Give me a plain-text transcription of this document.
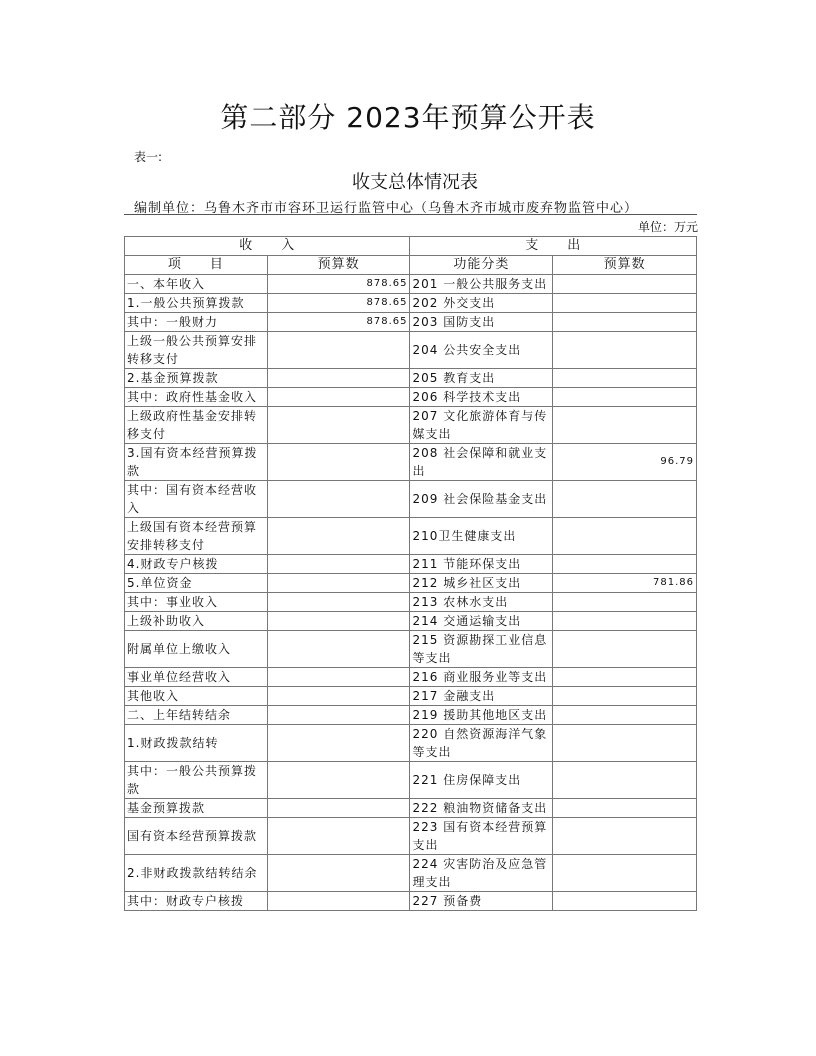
第二部分 2023年预算公开表
表一:
收支总体情况表
编制单位：乌鲁木齐市市容环卫运行监管中心（乌鲁木齐市城市废弃物监管中心）
单位：万元
收　　入		支　　出	
项　　目	预算数	功能分类	预算数
一、本年收入	878.65	201 一般公共服务支出	
1.一般公共预算拨款	878.65	202 外交支出	
其中：一般财力	878.65	203 国防支出	
上级一般公共预算安排转移支付		204 公共安全支出	
2.基金预算拨款		205 教育支出	
其中：政府性基金收入		206 科学技术支出	
上级政府性基金安排转移支付		207 文化旅游体育与传媒支出	
3.国有资本经营预算拨款		208 社会保障和就业支出	96.79
其中：国有资本经营收入		209 社会保险基金支出	
上级国有资本经营预算安排转移支付		210卫生健康支出	
4.财政专户核拨		211 节能环保支出	
5.单位资金		212 城乡社区支出	781.86
其中：事业收入		213 农林水支出	
上级补助收入		214 交通运输支出	
附属单位上缴收入		215 资源勘探工业信息等支出	
事业单位经营收入		216 商业服务业等支出	
其他收入		217 金融支出	
二、上年结转结余		219 援助其他地区支出	
1.财政拨款结转		220 自然资源海洋气象等支出	
其中：一般公共预算拨款		221 住房保障支出	
基金预算拨款		222 粮油物资储备支出	
国有资本经营预算拨款		223 国有资本经营预算支出	
2.非财政拨款结转结余		224 灾害防治及应急管理支出	
其中：财政专户核拨		227 预备费	
